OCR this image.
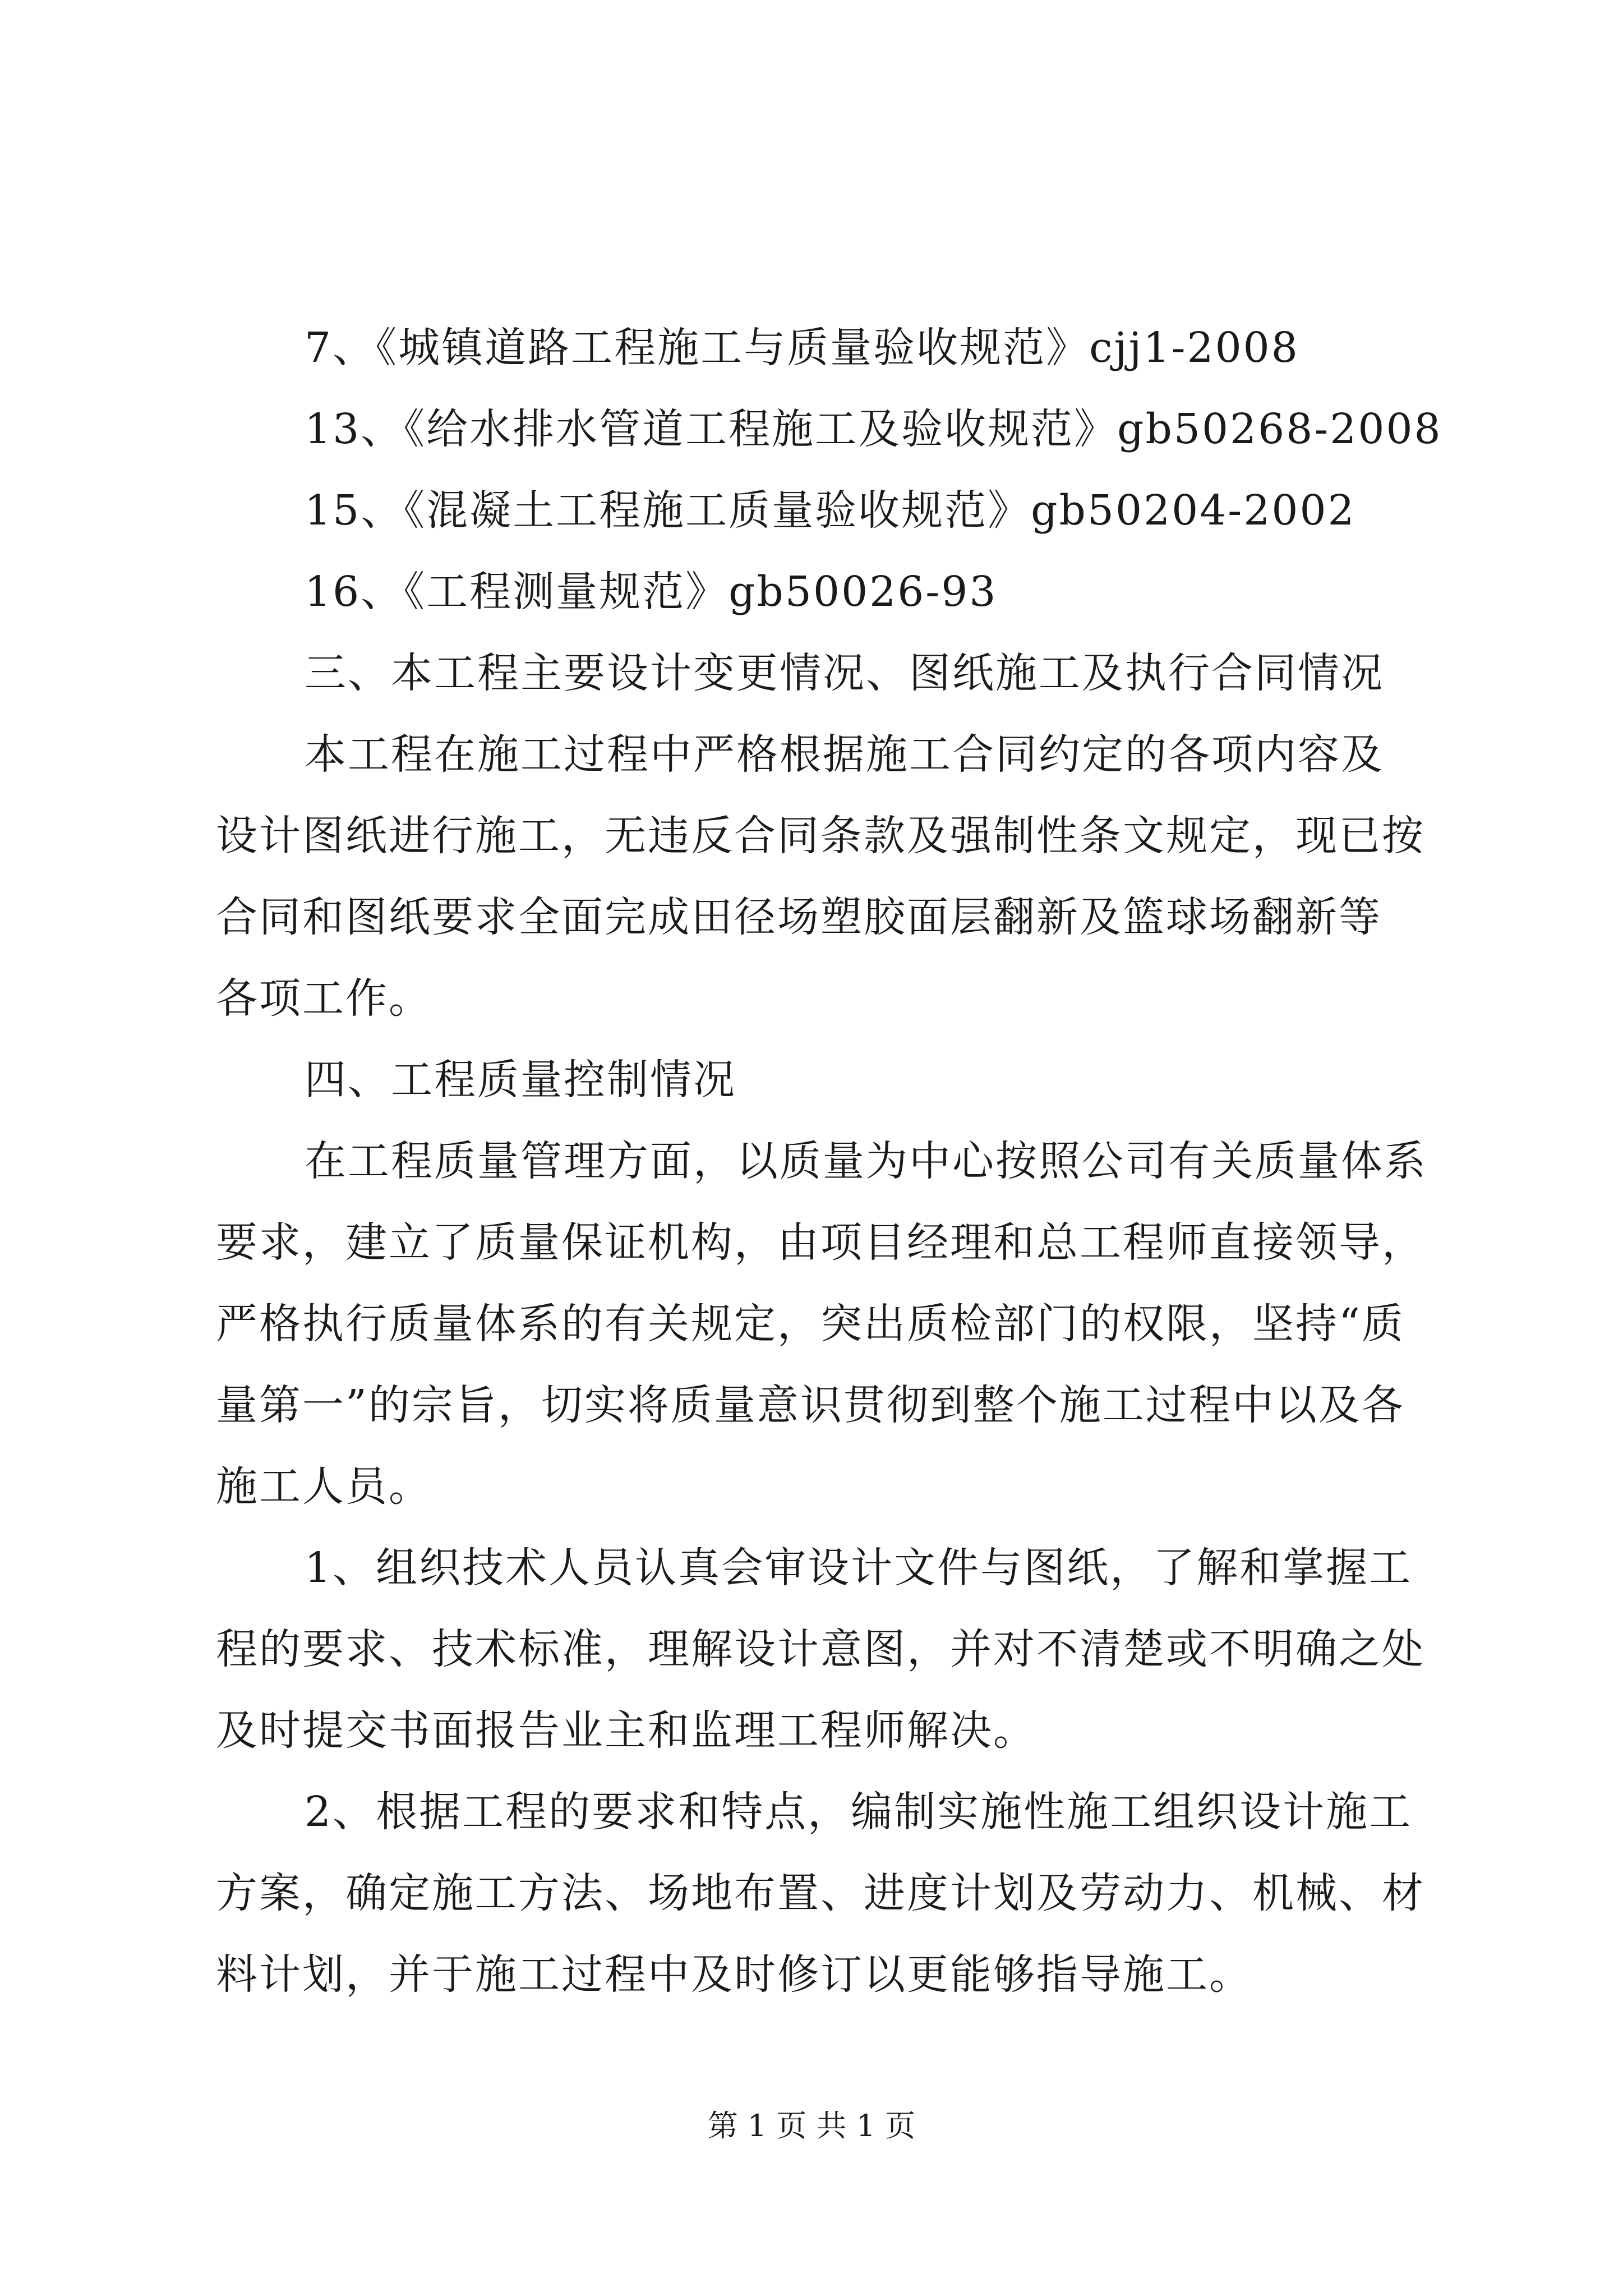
7、《城镇道路工程施工与质量验收规范》cjj1-2008
13、《给水排水管道工程施工及验收规范》gb50268-2008
15、《混凝土工程施工质量验收规范》gb50204-2002
16、《工程测量规范》gb50026-93
三、本工程主要设计变更情况、图纸施工及执行合同情况
本工程在施工过程中严格根据施工合同约定的各项内容及
设计图纸进行施工，无违反合同条款及强制性条文规定，现已按
合同和图纸要求全面完成田径场塑胶面层翻新及篮球场翻新等
各项工作。
四、工程质量控制情况
在工程质量管理方面，以质量为中心按照公司有关质量体系
要求，建立了质量保证机构，由项目经理和总工程师直接领导，
严格执行质量体系的有关规定，突出质检部门的权限，坚持“质
量第一”的宗旨，切实将质量意识贯彻到整个施工过程中以及各
施工人员。
1、组织技术人员认真会审设计文件与图纸，了解和掌握工
程的要求、技术标准，理解设计意图，并对不清楚或不明确之处
及时提交书面报告业主和监理工程师解决。
2、根据工程的要求和特点，编制实施性施工组织设计施工
方案，确定施工方法、场地布置、进度计划及劳动力、机械、材
料计划，并于施工过程中及时修订以更能够指导施工。
第 1 页 共 1 页
